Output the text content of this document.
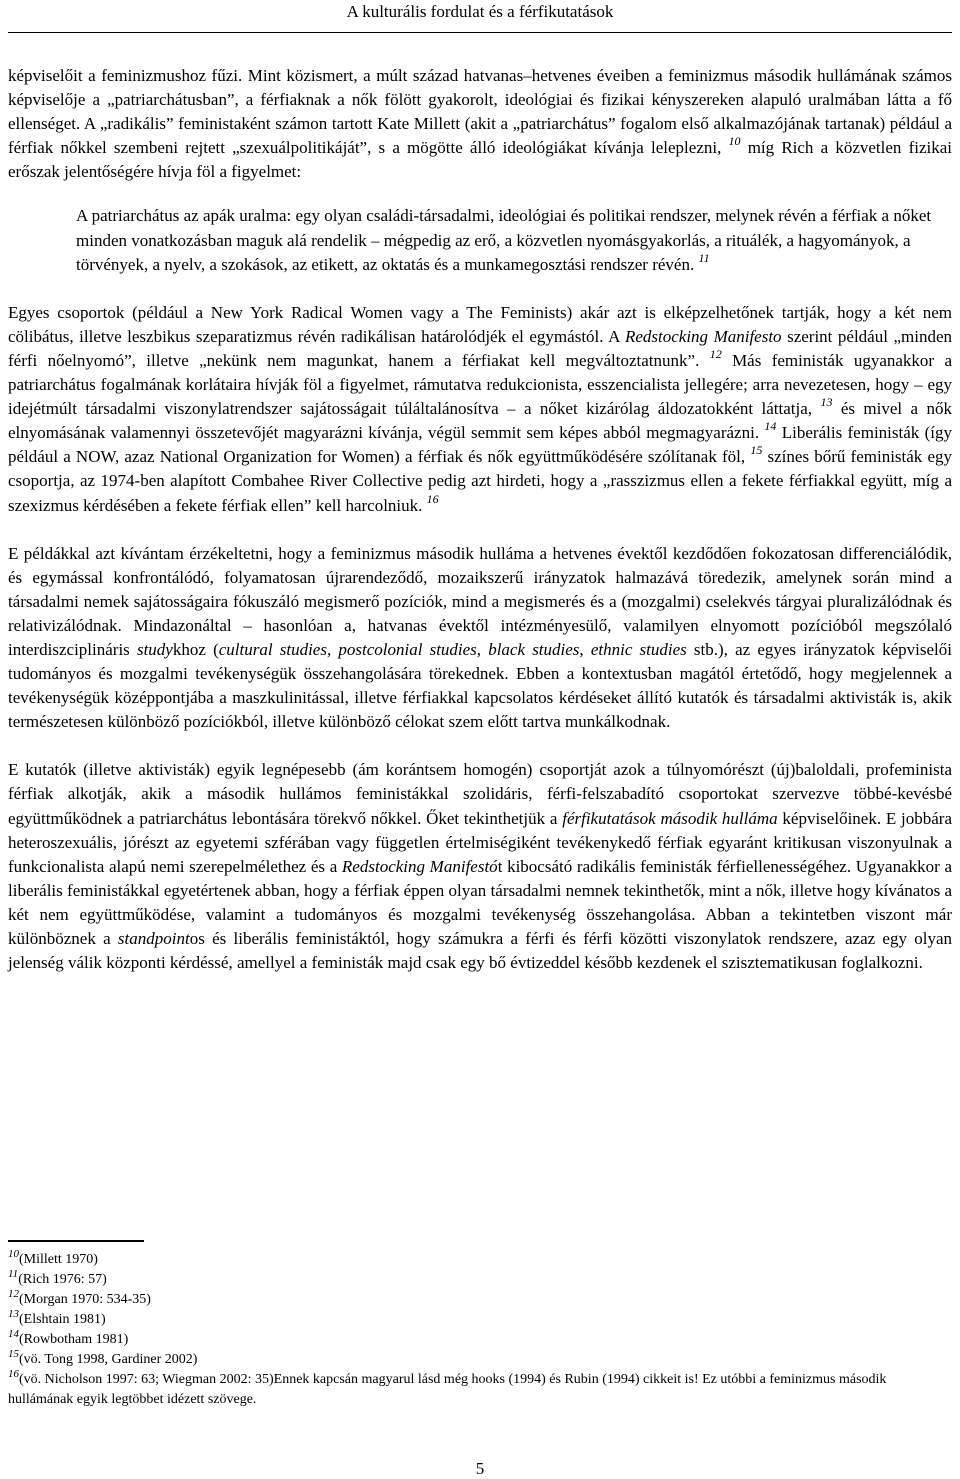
A kulturális fordulat és a férfikutatások

képviselőit a feminizmushoz fűzi. Mint közismert, a múlt század hatvanas–hetvenes éveiben a feminizmus második hullámának számos képviselője a „patriarchátusban”, a férfiaknak a nők fölött gyakorolt, ideológiai és fizikai kényszereken alapuló uralmában látta a fő ellenséget. A „radikális” feministaként számon tartott Kate Millett (akit a „patriarchátus” fogalom első alkalmazójának tartanak) például a férfiak nőkkel szembeni rejtett „szexuálpolitikáját”, s a mögötte álló ideológiákat kívánja leleplezni, $^{10}$ míg Rich a közvetlen fizikai erőszak jelentőségére hívja föl a figyelmet:

A patriarchátus az apák uralma: egy olyan családi-társadalmi, ideológiai és politikai rendszer, melynek révén a férfiak a nőket minden vonatkozásban maguk alá rendelik – mégpedig az erő, a közvetlen nyomásgyakorlás, a rituálék, a hagyományok, a törvények, a nyelv, a szokások, az etikett, az oktatás és a munkamegosztási rendszer révén. $^{11}$

Egyes csoportok (például a New York Radical Women vagy a The Feminists) akár azt is elképzelhetőnek tartják, hogy a két nem cölibátus, illetve leszbikus szeparatizmus révén radikálisan határolódjék el egymástól. A Redstocking Manifesto szerint például „minden férfi nőelnyomó”, illetve „nekünk nem magunkat, hanem a férfiakat kell megváltoztatnunk”. $^{12}$ Más feministák ugyanakkor a patriarchátus fogalmának korlátaira hívják föl a figyelmet, rámutatva redukcionista, esszencialista jellegére; arra nevezetesen, hogy – egy idejétmúlt társadalmi viszonylatrendszer sajátosságait túláltalánosítva – a nőket kizárólag áldozatokként láttatja, $^{13}$ és mivel a nők elnyomásának valamennyi összetevőjét magyarázni kívánja, végül semmit sem képes abból megmagyarázni. $^{14}$ Liberális feministák (így például a NOW, azaz National Organization for Women) a férfiak és nők együttműködésére szólítanak föl, $^{15}$ színes bőrű feministák egy csoportja, az 1974-ben alapított Combahee River Collective pedig azt hirdeti, hogy a „rasszizmus ellen a fekete férfiakkal együtt, míg a szexizmus kérdésében a fekete férfiak ellen” kell harcolniuk. $^{16}$

E példákkal azt kívántam érzékeltetni, hogy a feminizmus második hulláma a hetvenes évektől kezdődően fokozatosan differenciálódik, és egymással konfrontálódó, folyamatosan újrarendeződő, mozaikszerű irányzatok halmazává töredezik, amelynek során mind a társadalmi nemek sajátosságaira fókuszáló megismerő pozíciók, mind a megismerés és a (mozgalmi) cselekvés tárgyai pluralizálódnak és relativizálódnak. Mindazonáltal – hasonlóan a, hatvanas évektől intézményesülő, valamilyen elnyomott pozícióból megszólaló interdiszciplináris studykhoz (cultural studies, postcolonial studies, black studies, ethnic studies stb.), az egyes irányzatok képviselői tudományos és mozgalmi tevékenységük összehangolására törekednek. Ebben a kontextusban magától értetődő, hogy megjelennek a tevékenységük középpontjába a maszkulinitással, illetve férfiakkal kapcsolatos kérdéseket állító kutatók és társadalmi aktivisták is, akik természetesen különböző pozíciókból, illetve különböző célokat szem előtt tartva munkálkodnak.

E kutatók (illetve aktivisták) egyik legnépesebb (ám korántsem homogén) csoportját azok a túlnyomórészt (új)baloldali, profeminista férfiak alkotják, akik a második hullámos feministákkal szolidáris, férfi-felszabadító csoportokat szervezve többé-kevésbé együttműködnek a patriarchátus lebontására törekvő nőkkel. Őket tekinthetjük a férfikutatások második hulláma képviselőinek. E jobbára heteroszexuális, jórészt az egyetemi szférában vagy független értelmiségiként tevékenykedő férfiak egyaránt kritikusan viszonyulnak a funkcionalista alapú nemi szerepelmélethez és a Redstocking Manifestót kibocsátó radikális feministák férfiellenességéhez. Ugyanakkor a liberális feministákkal egyetértenek abban, hogy a férfiak éppen olyan társadalmi nemnek tekinthetők, mint a nők, illetve hogy kívánatos a két nem együttműködése, valamint a tudományos és mozgalmi tevékenység összehangolása. Abban a tekintetben viszont már különböznek a standpointos és liberális feministáktól, hogy számukra a férfi és férfi közötti viszonylatok rendszere, azaz egy olyan jelenség válik központi kérdéssé, amellyel a feministák majd csak egy bő évtizeddel később kezdenek el szisztematikusan foglalkozni.

$^{10}$(Millett 1970)

$^{11}$(Rich 1976: 57)

$^{12}$(Morgan 1970: 534-35)

$^{13}$(Elshtain 1981)

$^{14}$(Rowbotham 1981)

$^{15}$(vö. Tong 1998, Gardiner 2002)

$^{16}$(vö. Nicholson 1997: 63; Wiegman 2002: 35)Ennek kapcsán magyarul lásd még hooks (1994) és Rubin (1994) cikkeit is! Ez utóbbi a feminizmus második hullámának egyik legtöbbet idézett szövege.

5
